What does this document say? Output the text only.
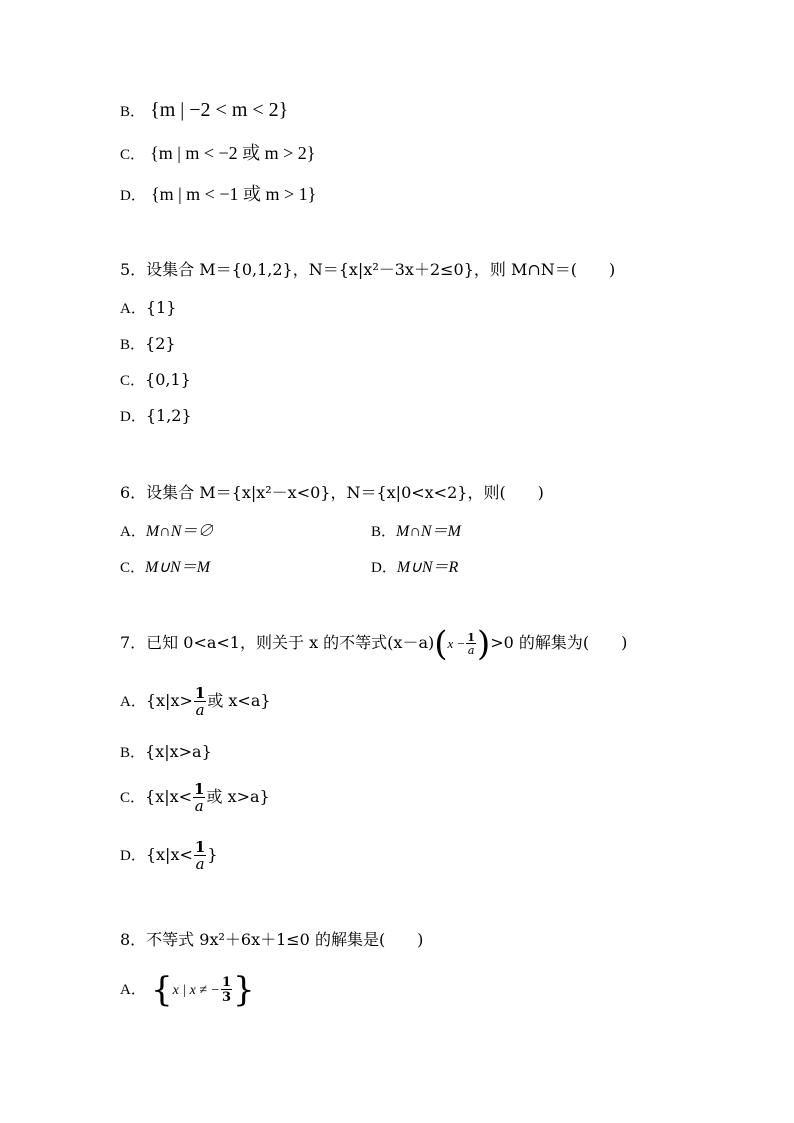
B． {m | −2 < m < 2}
C． {m | m < −2 或 m > 2}
D． {m | m < −1 或 m > 1}
5．设集合 M＝{0,1,2}，N＝{x|x²－3x＋2≤0}，则 M∩N＝(　　)
A．{1}
B．{2}
C．{0,1}
D．{1,2}
6．设集合 M＝{x|x²－x<0}，N＝{x|0<x<2}，则(　　)
A．M∩N＝∅	B．M∩N＝M
C．M∪N＝M	D．M∪N＝R
7．已知 0<a<1，则关于 x 的不等式$(x-a)(x - \frac{1}{a} )>0$ 的解集为(　　)
A．{$x|x> \frac{1}{a}$ 或 x<a}
B．{x|x>a}
C．{$x|x< \frac{1}{a}$ 或 x>a}
D．{$x|x< \frac{1}{a}$ }
8．不等式 9x²＋6x＋1≤0 的解集是(　　)
A． {x | x ≠ − $\frac{1}{3}$ }
